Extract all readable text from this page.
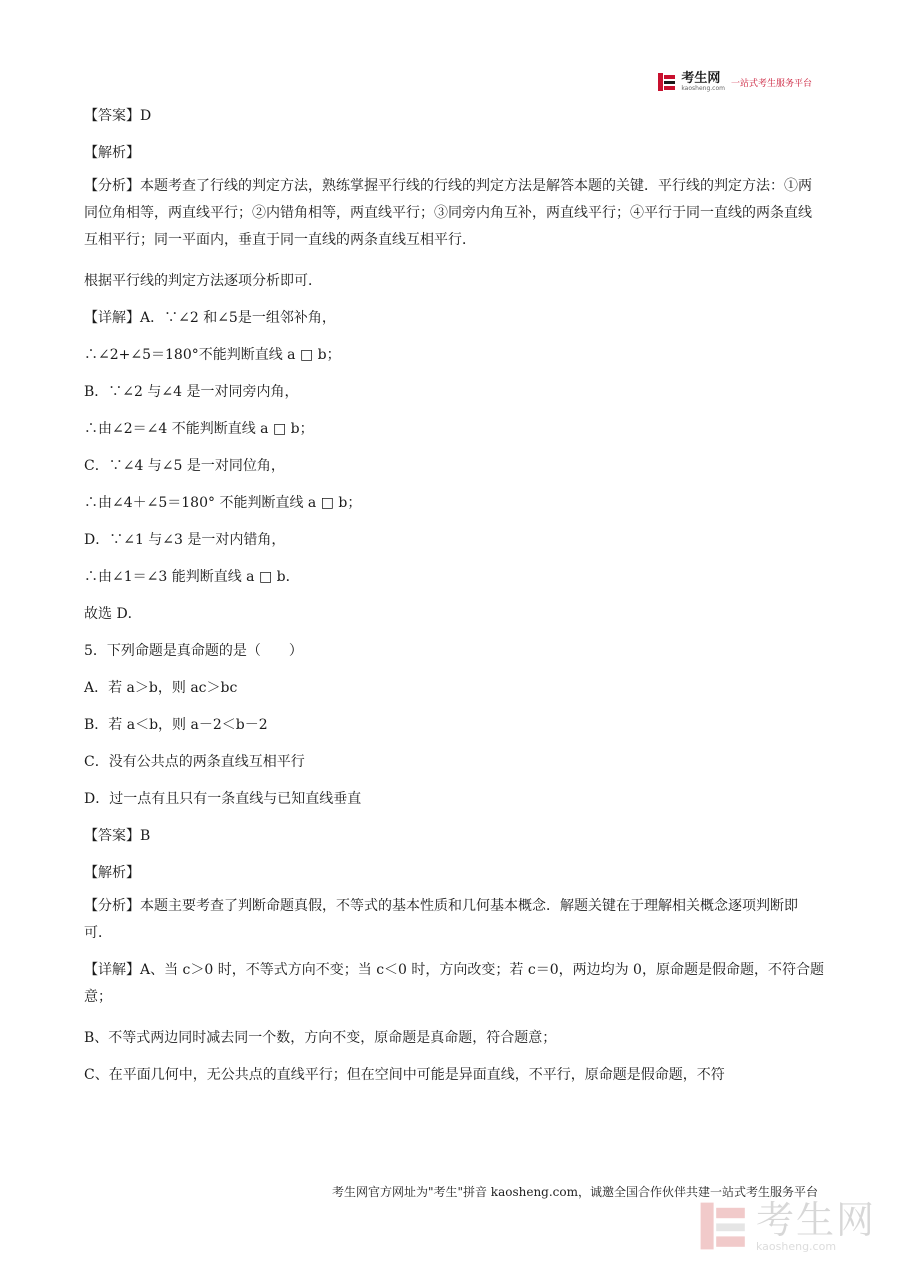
考生网
kaosheng.com 一站式考生服务平台
【答案】D
【解析】
【分析】本题考查了行线的判定方法，熟练掌握平行线的行线的判定方法是解答本题的关键．平行线的判定方法：①两同位角相等，两直线平行；②内错角相等，两直线平行；③同旁内角互补，两直线平行；④平行于同一直线的两条直线互相平行；同一平面内，垂直于同一直线的两条直线互相平行．
根据平行线的判定方法逐项分析即可．
【详解】A．∵∠2 和∠5是一组邻补角，
∴∠2+∠5＝180°不能判断直线 a □ b；
B．∵∠2 与∠4 是一对同旁内角，
∴由∠2＝∠4 不能判断直线 a □ b；
C．∵∠4 与∠5 是一对同位角，
∴由∠4＋∠5＝180° 不能判断直线 a □ b；
D．∵∠1 与∠3 是一对内错角，
∴由∠1＝∠3 能判断直线 a □ b．
故选 D．
5．下列命题是真命题的是（　　）
A．若 a＞b，则 ac＞bc
B．若 a＜b，则 a－2＜b－2
C．没有公共点的两条直线互相平行
D．过一点有且只有一条直线与已知直线垂直
【答案】B
【解析】
【分析】本题主要考查了判断命题真假，不等式的基本性质和几何基本概念．解题关键在于理解相关概念逐项判断即可．
【详解】A、当 c＞0 时，不等式方向不变；当 c＜0 时，方向改变；若 c＝0，两边均为 0，原命题是假命题，不符合题意；
B、不等式两边同时减去同一个数，方向不变，原命题是真命题，符合题意；
C、在平面几何中，无公共点的直线平行；但在空间中可能是异面直线，不平行，原命题是假命题，不符
考生网官方网址为"考生"拼音 kaosheng.com，诚邀全国合作伙伴共建一站式考生服务平台
考生网
kaosheng.com
